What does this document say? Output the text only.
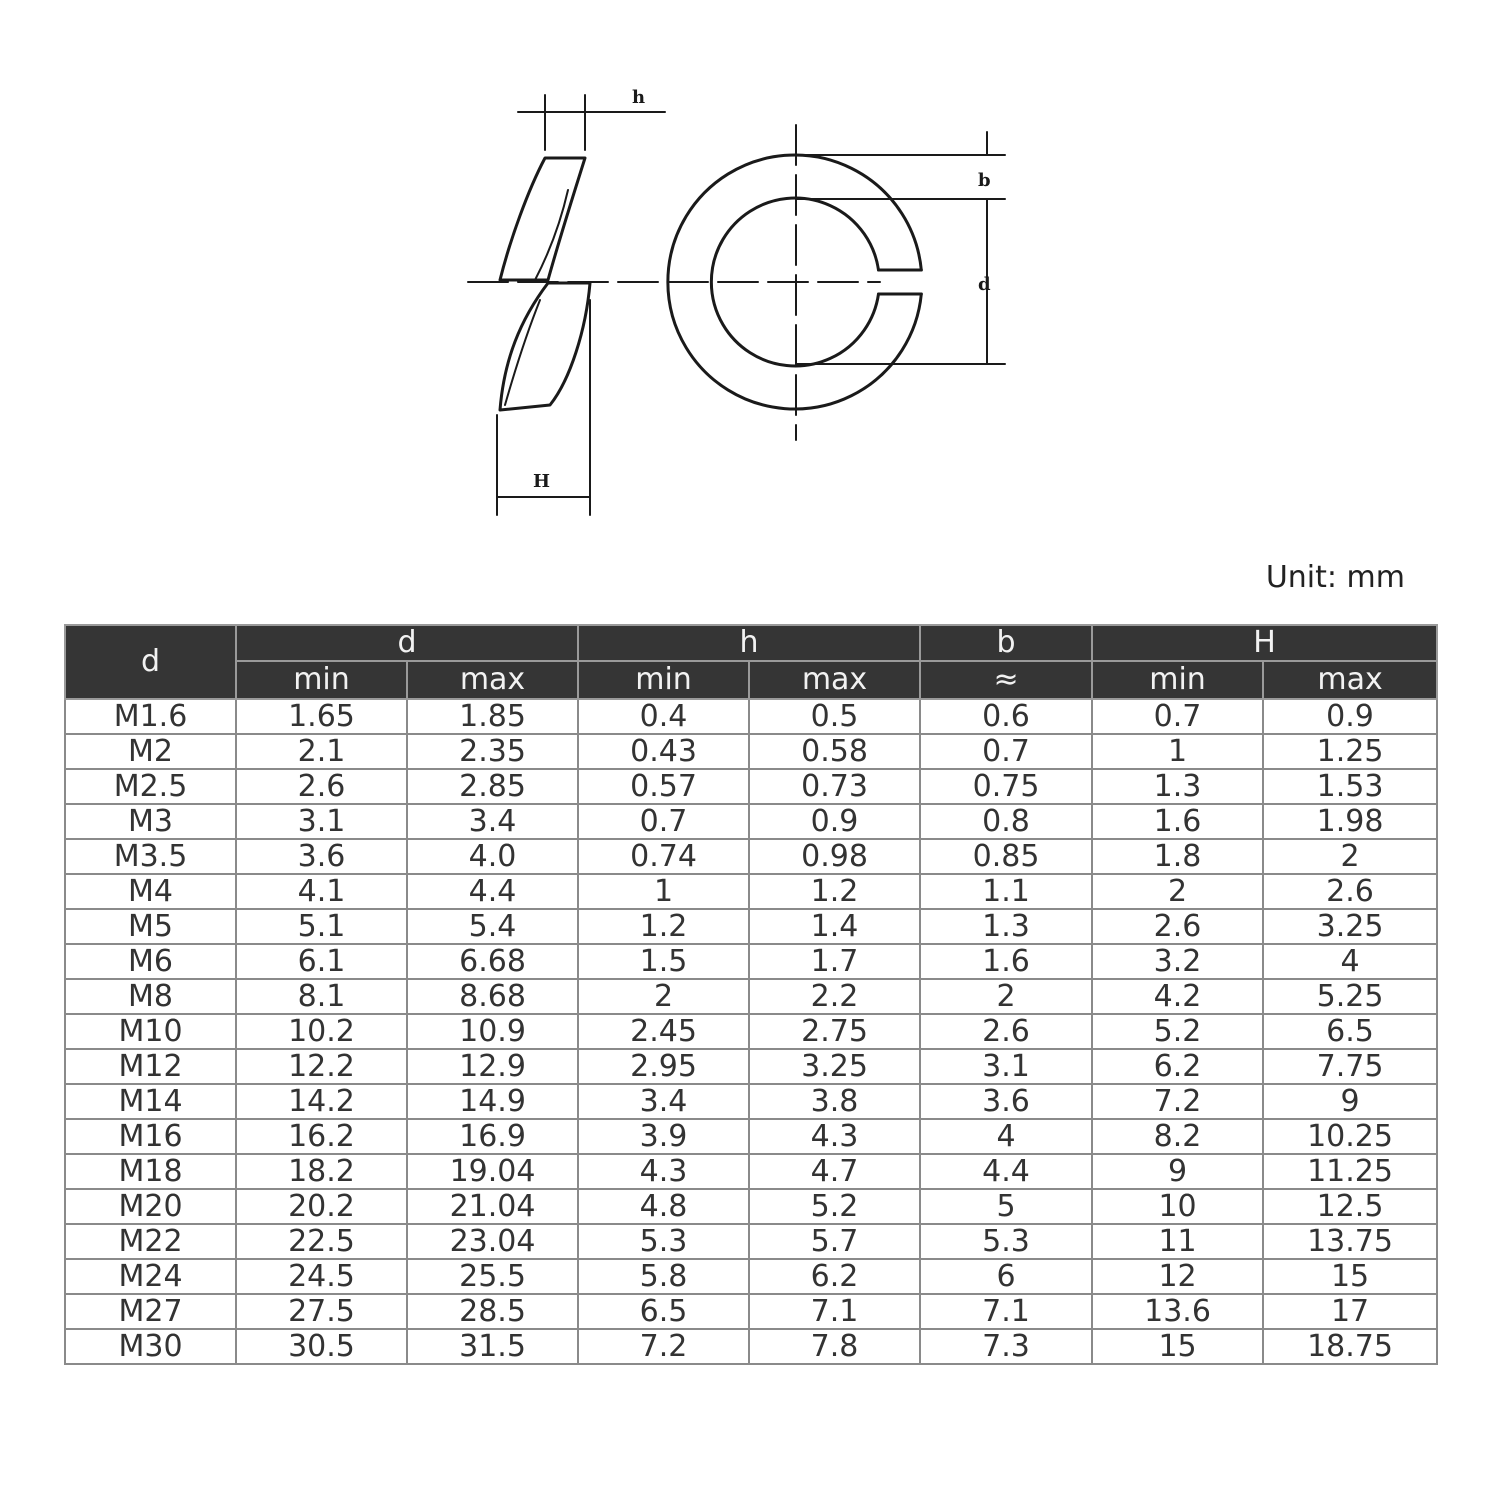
h
b
d
H
Unit: mm
d	d		h		b	H	
	min	max	min	max	≈	min	max
M1.6	1.65	1.85	0.4	0.5	0.6	0.7	0.9
M2	2.1	2.35	0.43	0.58	0.7	1	1.25
M2.5	2.6	2.85	0.57	0.73	0.75	1.3	1.53
M3	3.1	3.4	0.7	0.9	0.8	1.6	1.98
M3.5	3.6	4.0	0.74	0.98	0.85	1.8	2
M4	4.1	4.4	1	1.2	1.1	2	2.6
M5	5.1	5.4	1.2	1.4	1.3	2.6	3.25
M6	6.1	6.68	1.5	1.7	1.6	3.2	4
M8	8.1	8.68	2	2.2	2	4.2	5.25
M10	10.2	10.9	2.45	2.75	2.6	5.2	6.5
M12	12.2	12.9	2.95	3.25	3.1	6.2	7.75
M14	14.2	14.9	3.4	3.8	3.6	7.2	9
M16	16.2	16.9	3.9	4.3	4	8.2	10.25
M18	18.2	19.04	4.3	4.7	4.4	9	11.25
M20	20.2	21.04	4.8	5.2	5	10	12.5
M22	22.5	23.04	5.3	5.7	5.3	11	13.75
M24	24.5	25.5	5.8	6.2	6	12	15
M27	27.5	28.5	6.5	7.1	7.1	13.6	17
M30	30.5	31.5	7.2	7.8	7.3	15	18.75
